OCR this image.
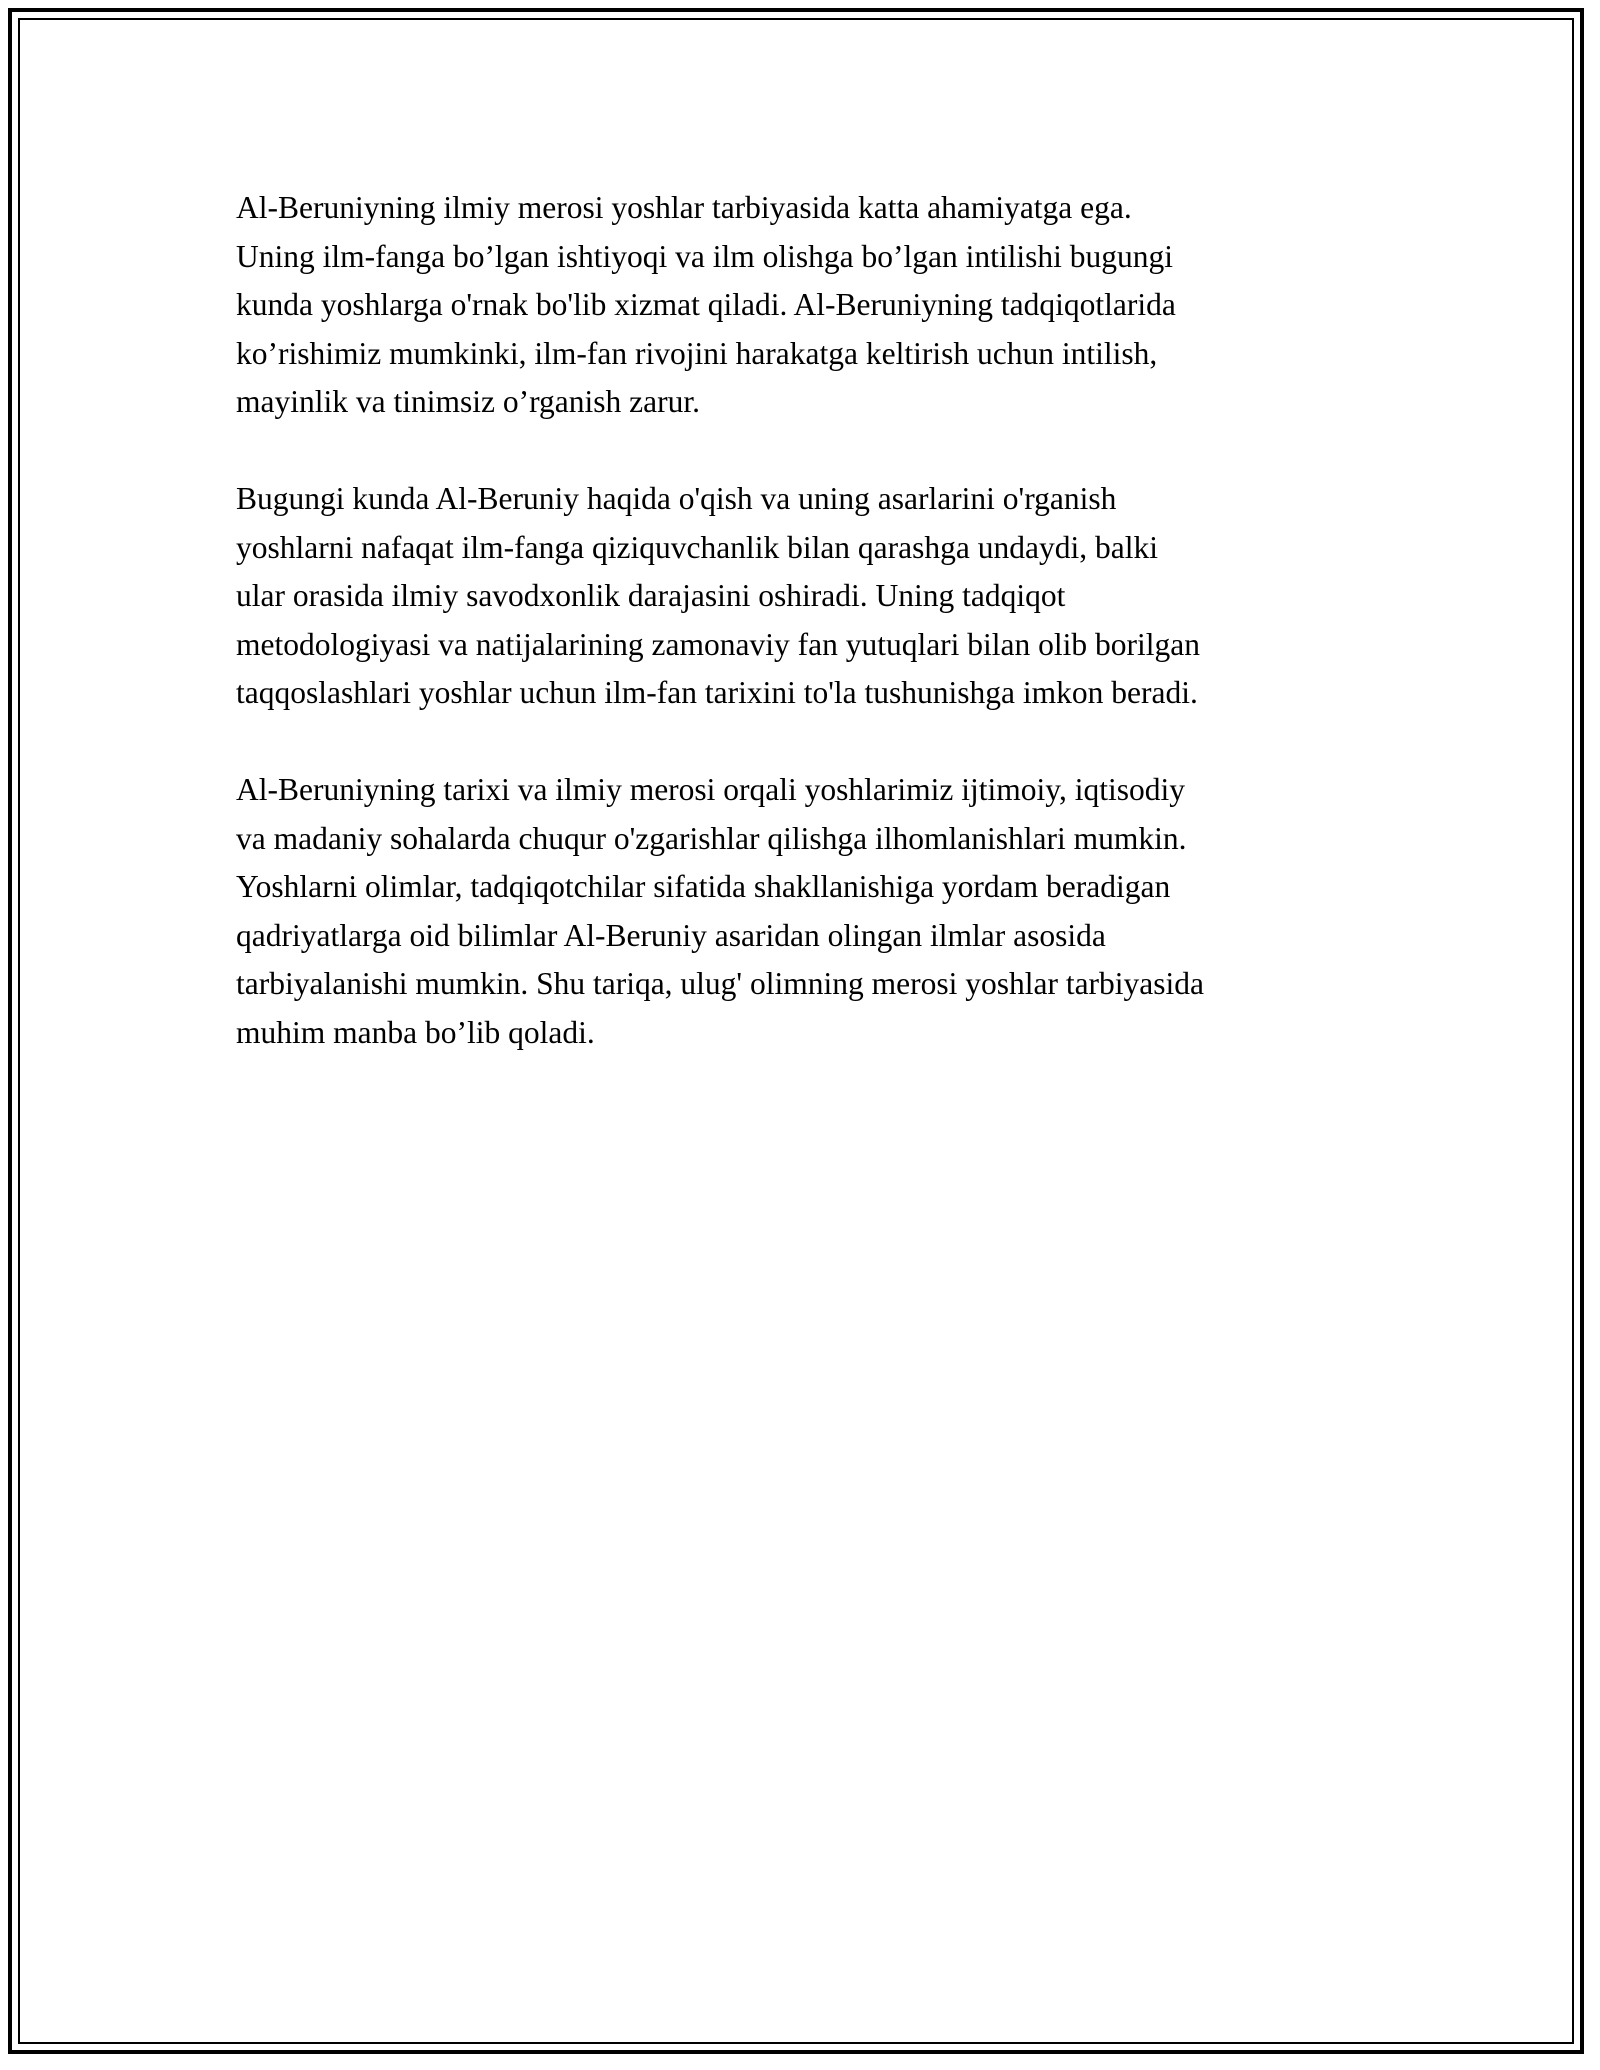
Al-Beruniyning ilmiy merosi yoshlar tarbiyasida katta ahamiyatga ega.
Uning ilm-fanga bo’lgan ishtiyoqi va ilm olishga bo’lgan intilishi bugungi
kunda yoshlarga o'rnak bo'lib xizmat qiladi. Al-Beruniyning tadqiqotlarida
ko’rishimiz mumkinki, ilm-fan rivojini harakatga keltirish uchun intilish,
mayinlik va tinimsiz o’rganish zarur.

Bugungi kunda Al-Beruniy haqida o'qish va uning asarlarini o'rganish
yoshlarni nafaqat ilm-fanga qiziquvchanlik bilan qarashga undaydi, balki
ular orasida ilmiy savodxonlik darajasini oshiradi. Uning tadqiqot
metodologiyasi va natijalarining zamonaviy fan yutuqlari bilan olib borilgan
taqqoslashlari yoshlar uchun ilm-fan tarixini to'la tushunishga imkon beradi.

Al-Beruniyning tarixi va ilmiy merosi orqali yoshlarimiz ijtimoiy, iqtisodiy
va madaniy sohalarda chuqur o'zgarishlar qilishga ilhomlanishlari mumkin.
Yoshlarni olimlar, tadqiqotchilar sifatida shakllanishiga yordam beradigan
qadriyatlarga oid bilimlar Al-Beruniy asaridan olingan ilmlar asosida
tarbiyalanishi mumkin. Shu tariqa, ulug' olimning merosi yoshlar tarbiyasida
muhim manba bo’lib qoladi.
